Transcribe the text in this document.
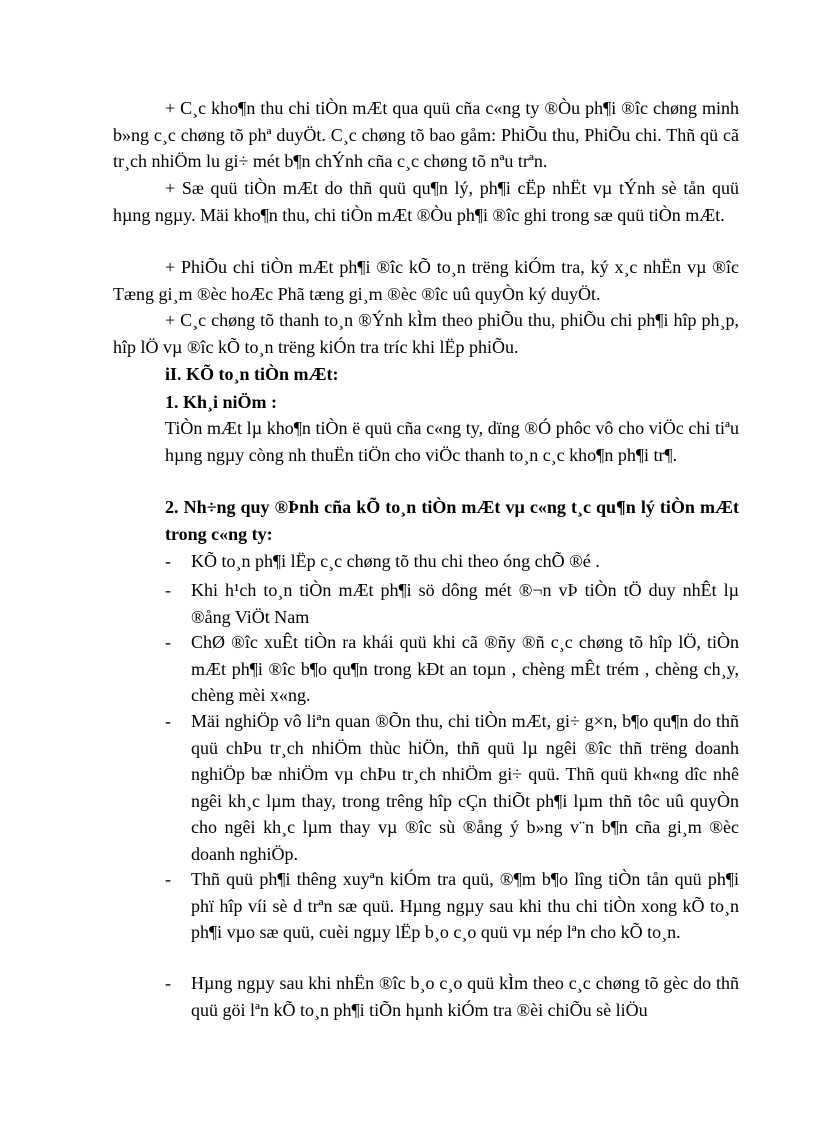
+ C¸c kho¶n thu chi tiÒn mÆt qua quü cña c«ng ty ®Òu ph¶i ®îc chøng minh b»ng c¸c chøng tõ phª duyÖt. C¸c chøng tõ bao gåm: PhiÕu thu, PhiÕu chi. Thñ qü cã tr¸ch nhiÖm lu gi÷ mét b¶n chÝnh cña c¸c chøng tõ nªu trªn.

+ Sæ quü tiÒn mÆt do thñ quü qu¶n lý, ph¶i cËp nhËt vµ tÝnh sè tån quü hµng ngµy. Mäi kho¶n thu, chi tiÒn mÆt ®Òu ph¶i ®îc ghi trong sæ quü tiÒn mÆt.

+ PhiÕu chi tiÒn mÆt ph¶i ®îc kÕ to¸n trëng kiÓm tra, ký x¸c nhËn vµ ®îc Tæng gi¸m ®èc hoÆc Phã tæng gi¸m ®èc ®îc uû quyÒn ký duyÖt.

+ C¸c chøng tõ thanh to¸n ®Ýnh kÌm theo phiÕu thu, phiÕu chi ph¶i hîp ph¸p, hîp lÖ vµ ®îc kÕ to¸n trëng kiÓn tra tríc khi lËp phiÕu.

iI. KÕ to¸n tiÒn mÆt:
1. Kh¸i niÖm :

TiÒn mÆt lµ kho¶n tiÒn ë quü cña c«ng ty, dïng ®Ó phôc vô cho viÖc chi tiªu hµng ngµy còng nh thuËn tiÖn cho viÖc thanh to¸n c¸c kho¶n ph¶i tr¶.

2. Nh÷ng quy ®Þnh cña kÕ to¸n tiÒn mÆt vµ c«ng t¸c qu¶n lý tiÒn mÆt trong c«ng ty:
- KÕ to¸n ph¶i lËp c¸c chøng tõ thu chi theo óng chÕ ®é .
- Khi h¹ch to¸n tiÒn mÆt ph¶i sö dông mét ®¬n vÞ tiÒn tÖ duy nhÊt lµ ®ång ViÖt Nam
- ChØ ®îc xuÊt tiÒn ra khái quü khi cã ®ñy ®ñ c¸c chøng tõ hîp lÖ, tiÒn mÆt ph¶i ®îc b¶o qu¶n trong kÐt an toµn , chèng mÊt trém , chèng ch¸y, chèng mèi x«ng.
- Mäi nghiÖp vô liªn quan ®Õn thu, chi tiÒn mÆt, gi÷ g×n, b¶o qu¶n do thñ quü chÞu tr¸ch nhiÖm thùc hiÖn, thñ quü lµ ngêi ®îc thñ trëng doanh nghiÖp bæ nhiÖm vµ chÞu tr¸ch nhiÖm gi÷ quü. Thñ quü kh«ng dîc nhê ngêi kh¸c lµm thay, trong trêng hîp cÇn thiÕt ph¶i lµm thñ tôc uû quyÒn cho ngêi kh¸c lµm thay vµ ®îc sù ®ång ý b»ng v¨n b¶n cña gi¸m ®èc doanh nghiÖp.
- Thñ quü ph¶i thêng xuyªn kiÓm tra quü, ®¶m b¶o lîng tiÒn tån quü ph¶i phï hîp víi sè d trªn sæ quü. Hµng ngµy sau khi thu chi tiÒn xong kÕ to¸n ph¶i vµo sæ quü, cuèi ngµy lËp b¸o c¸o quü vµ nép lªn cho kÕ to¸n.
- Hµng ngµy sau khi nhËn ®îc b¸o c¸o quü kÌm theo c¸c chøng tõ gèc do thñ quü göi lªn kÕ to¸n ph¶i tiÕn hµnh kiÓm tra ®èi chiÕu sè liÖu
